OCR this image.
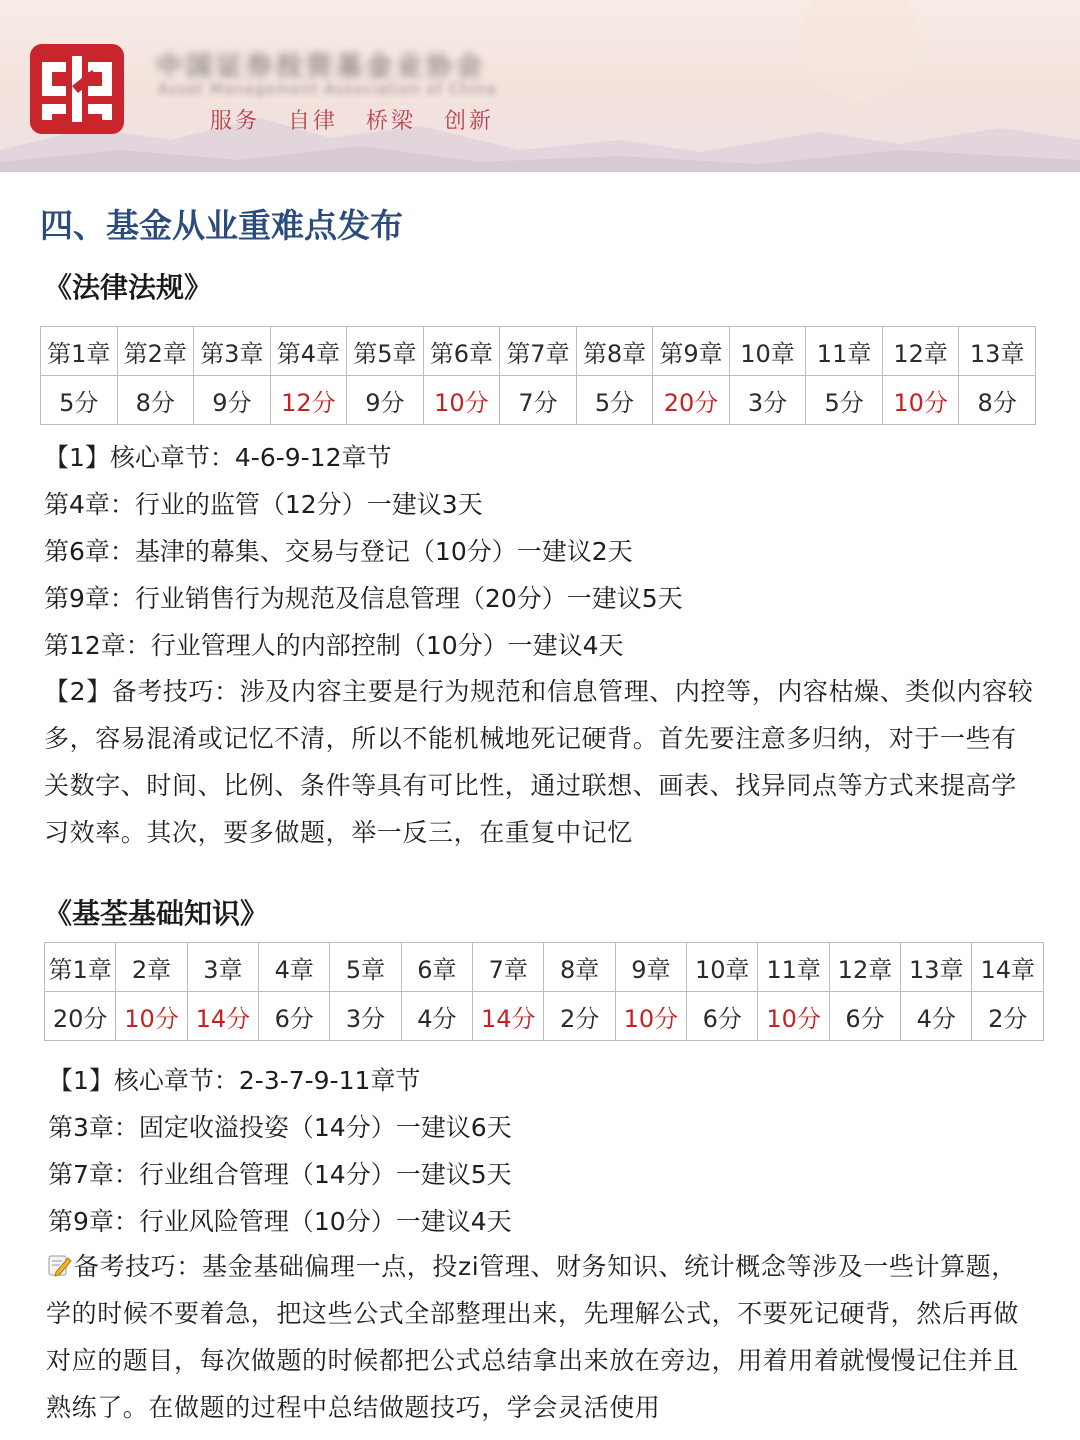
中国证券投资基金业协会
Asset Management Association of China
服务 自律 桥梁 创新
四、基金从业重难点发布
《法律法规》
第1章	第2章	第3章	第4章	第5章	第6章	第7章	第8章	第9章	10章	11章	12章	13章
5分	8分	9分	12分	9分	10分	7分	5分	20分	3分	5分	10分	8分
【1】核心章节：4-6-9-12章节
第4章：行业的监管（12分）一建议3天
第6章：基津的幕集、交易与登记（10分）一建议2天
第9章：行业销售行为规范及信息管理（20分）一建议5天
第12章：行业管理人的内部控制（10分）一建议4天
【2】备考技巧：涉及内容主要是行为规范和信息管理、内控等，内容枯燥、类似内容较多，容易混淆或记忆不清，所以不能机械地死记硬背。首先要注意多归纳，对于一些有关数字、时间、比例、条件等具有可比性，通过联想、画表、找异同点等方式来提高学习效率。其次，要多做题，举一反三，在重复中记忆
《基荃基础知识》
第1章	2章	3章	4章	5章	6章	7章	8章	9章	10章	11章	12章	13章	14章
20分	10分	14分	6分	3分	4分	14分	2分	10分	6分	10分	6分	4分	2分
【1】核心章节：2-3-7-9-11章节
第3章：固定收溢投姿（14分）一建议6天
第7章：行业组合管理（14分）一建议5天
第9章：行业风险管理（10分）一建议4天
备考技巧：基金基础偏理一点，投zi管理、财务知识、统计概念等涉及一些计算题，学的时候不要着急，把这些公式全部整理出来，先理解公式，不要死记硬背，然后再做对应的题目，每次做题的时候都把公式总结拿出来放在旁边，用着用着就慢慢记住并且熟练了。在做题的过程中总结做题技巧，学会灵活使用
